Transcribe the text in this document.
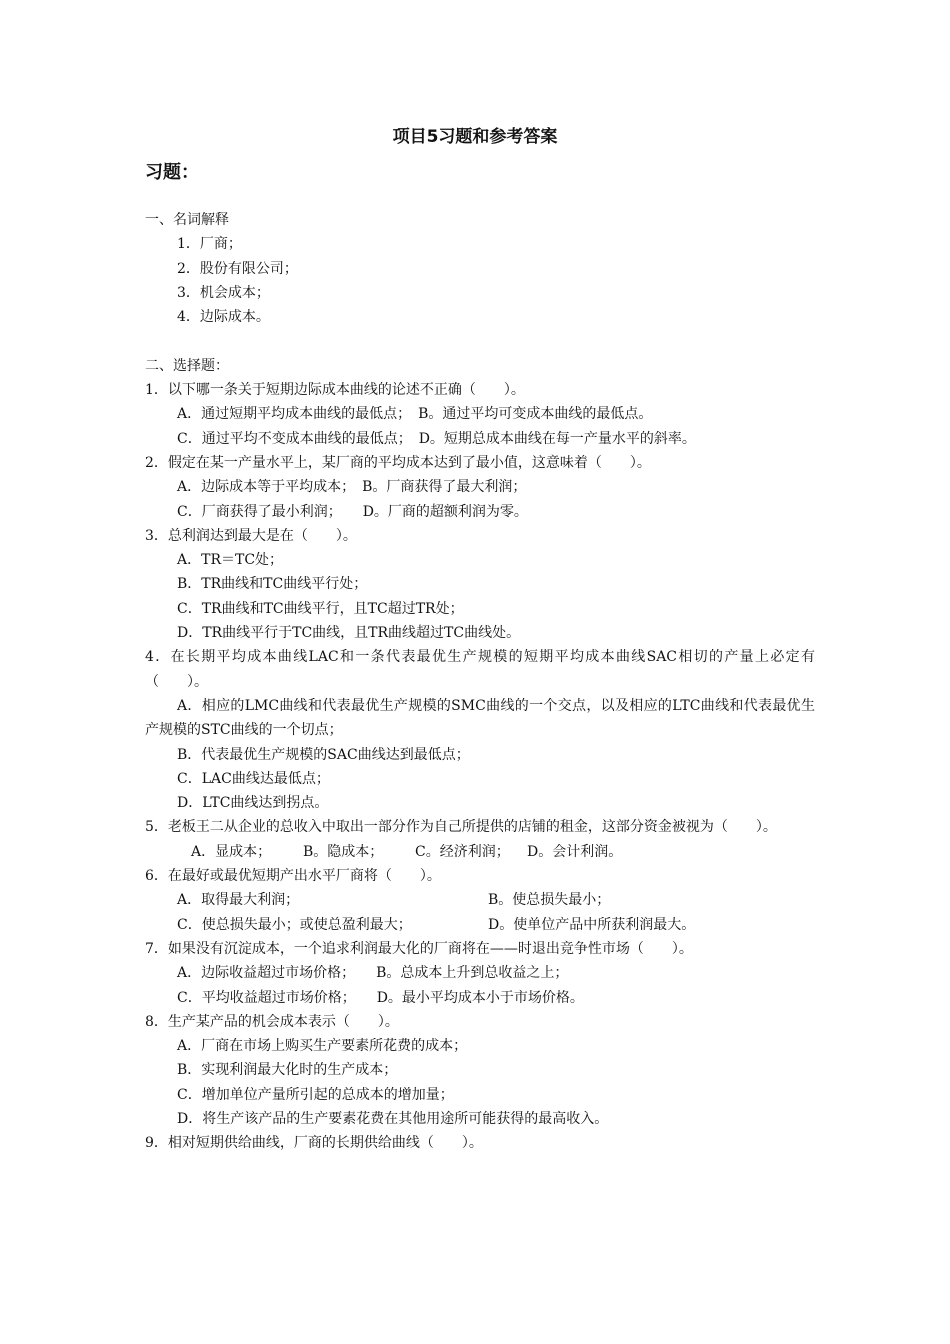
项目5习题和参考答案
习题：
一、名词解释
1．厂商；
2．股份有限公司；
3．机会成本；
4．边际成本。
二、选择题：
1．以下哪一条关于短期边际成本曲线的论述不正确（　　）。
A．通过短期平均成本曲线的最低点；　B。通过平均可变成本曲线的最低点。
C．通过平均不变成本曲线的最低点；　D。短期总成本曲线在每一产量水平的斜率。
2．假定在某一产量水平上，某厂商的平均成本达到了最小值，这意味着（　　）。
A．边际成本等于平均成本；　B。厂商获得了最大利润；
C．厂商获得了最小利润；　　D。厂商的超额利润为零。
3．总利润达到最大是在（　　）。
A．TR＝TC处；
B．TR曲线和TC曲线平行处；
C．TR曲线和TC曲线平行，且TC超过TR处；
D．TR曲线平行于TC曲线，且TR曲线超过TC曲线处。
4．在长期平均成本曲线LAC和一条代表最优生产规模的短期平均成本曲线SAC相切的产量上必定有（　　）。
A．相应的LMC曲线和代表最优生产规模的SMC曲线的一个交点，以及相应的LTC曲线和代表最优生产规模的STC曲线的一个切点；
B．代表最优生产规模的SAC曲线达到最低点；
C．LAC曲线达最低点；
D．LTC曲线达到拐点。
5．老板王二从企业的总收入中取出一部分作为自己所提供的店铺的租金，这部分资金被视为（　　）。
A．显成本；	B。隐成本；	C。经济利润；	D。会计利润。
6．在最好或最优短期产出水平厂商将（　　）。
A．取得最大利润；	B。使总损失最小；
C．使总损失最小；或使总盈利最大；	D。使单位产品中所获利润最大。
7．如果没有沉淀成本，一个追求利润最大化的厂商将在——时退出竞争性市场（　　）。
A．边际收益超过市场价格；　　B。总成本上升到总收益之上；
C．平均收益超过市场价格；　　D。最小平均成本小于市场价格。
8．生产某产品的机会成本表示（　　）。
A．厂商在市场上购买生产要素所花费的成本；
B．实现利润最大化时的生产成本；
C．增加单位产量所引起的总成本的增加量；
D．将生产该产品的生产要素花费在其他用途所可能获得的最高收入。
9．相对短期供给曲线，厂商的长期供给曲线（　　）。
